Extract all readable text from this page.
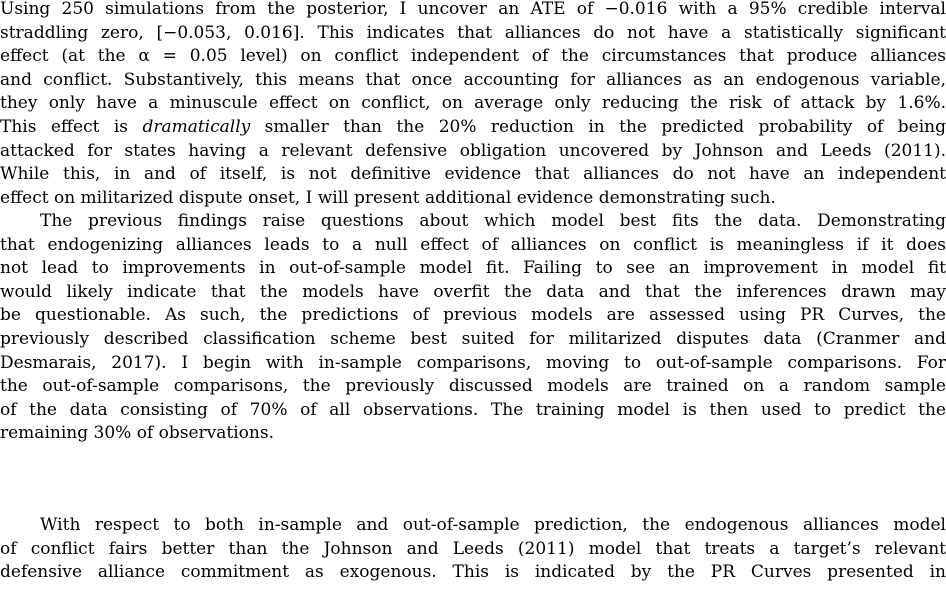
Using 250 simulations from the posterior, I uncover an ATE of −0.016 with a 95% credible interval
straddling zero, [−0.053, 0.016]. This indicates that alliances do not have a statistically significant
effect (at the α = 0.05 level) on conflict independent of the circumstances that produce alliances
and conflict. Substantively, this means that once accounting for alliances as an endogenous variable,
they only have a minuscule effect on conflict, on average only reducing the risk of attack by 1.6%.
This effect is dramatically smaller than the 20% reduction in the predicted probability of being
attacked for states having a relevant defensive obligation uncovered by Johnson and Leeds (2011).
While this, in and of itself, is not definitive evidence that alliances do not have an independent
effect on militarized dispute onset, I will present additional evidence demonstrating such.
The previous findings raise questions about which model best fits the data. Demonstrating
that endogenizing alliances leads to a null effect of alliances on conflict is meaningless if it does
not lead to improvements in out-of-sample model fit. Failing to see an improvement in model fit
would likely indicate that the models have overfit the data and that the inferences drawn may
be questionable. As such, the predictions of previous models are assessed using PR Curves, the
previously described classification scheme best suited for militarized disputes data (Cranmer and
Desmarais, 2017). I begin with in-sample comparisons, moving to out-of-sample comparisons. For
the out-of-sample comparisons, the previously discussed models are trained on a random sample
of the data consisting of 70% of all observations. The training model is then used to predict the
remaining 30% of observations.
With respect to both in-sample and out-of-sample prediction, the endogenous alliances model
of conflict fairs better than the Johnson and Leeds (2011) model that treats a target’s relevant
defensive alliance commitment as exogenous. This is indicated by the PR Curves presented in
